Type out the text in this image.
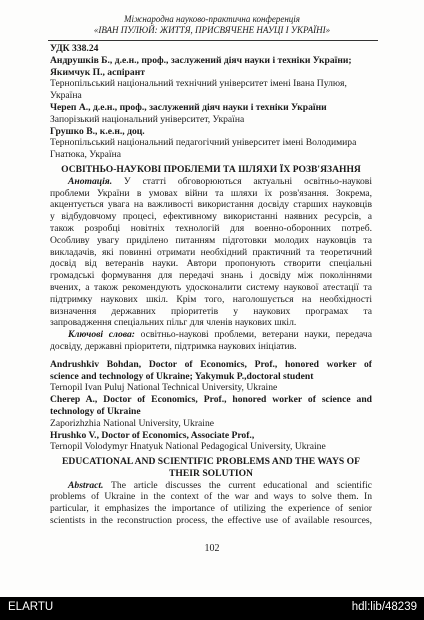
Міжнародна науково-практична конференція
«ІВАН ПУЛЮЙ: ЖИТТЯ, ПРИСВЯЧЕНЕ НАУЦІ І УКРАЇНІ»
УДК 338.24
Андрушків Б., д.е.н., проф., заслужений діяч науки і техніки України;
Якимчук П., аспірант
Тернопільський національний технічний університет імені Івана Пулюя,
Україна
Череп А., д.е.н., проф., заслужений діяч науки і техніки України
Запорізький національний університет, Україна
Грушко В., к.е.н., доц.
Тернопільський національний педагогічний університет імені Володимира
Гнатюка, Україна
ОСВІТНЬО-НАУКОВІ ПРОБЛЕМИ ТА ШЛЯХИ ЇХ РОЗВ'ЯЗАННЯ
Анотація. У статті обговорюються актуальні освітньо-наукові
проблеми України в умовах війни та шляхи їх розв'язання. Зокрема,
акцентується увага на важливості використання досвіду старших науковців
у відбудовчому процесі, ефективному використанні наявних ресурсів, а
також розробці новітніх технологій для военно-оборонних потреб.
Особливу увагу приділено питанням підготовки молодих науковців та
викладачів, які повинні отримати необхідний практичний та теоретичний
досвід від ветеранів науки. Автори пропонують створити спеціальні
громадські формування для передачі знань і досвіду між поколіннями
вчених, а також рекомендують удосконалити систему наукової атестації та
підтримку наукових шкіл. Крім того, наголошується на необхідності
визначення державних пріоритетів у наукових програмах та
запровадження спеціальних пільг для членів наукових шкіл.
Ключові слова: освітньо-наукові проблеми, ветерани науки, передача
досвіду, державні пріоритети, підтримка наукових ініціатив.
Andrushkiv Bohdan, Doctor of Economics, Prof., honored worker of
science and technology of Ukraine; Yakymuk P.,doctoral student
Ternopil Ivan Puluj National Technical University, Ukraine
Cherep A., Doctor of Economics, Prof., honored worker of science and
technology of Ukraine
Zaporizhzhia National University, Ukraine
Hrushko V., Doctor of Economics, Associate Prof.,
Ternopil Volodymyr Hnatyuk National Pedagogical University, Ukraine
EDUCATIONAL AND SCIENTIFIC PROBLEMS AND THE WAYS OF
THEIR SOLUTION
Abstract. The article discusses the current educational and scientific
problems of Ukraine in the context of the war and ways to solve them. In
particular, it emphasizes the importance of utilizing the experience of senior
scientists in the reconstruction process, the effective use of available resources,
102
ELARTU	hdl:lib/48239
